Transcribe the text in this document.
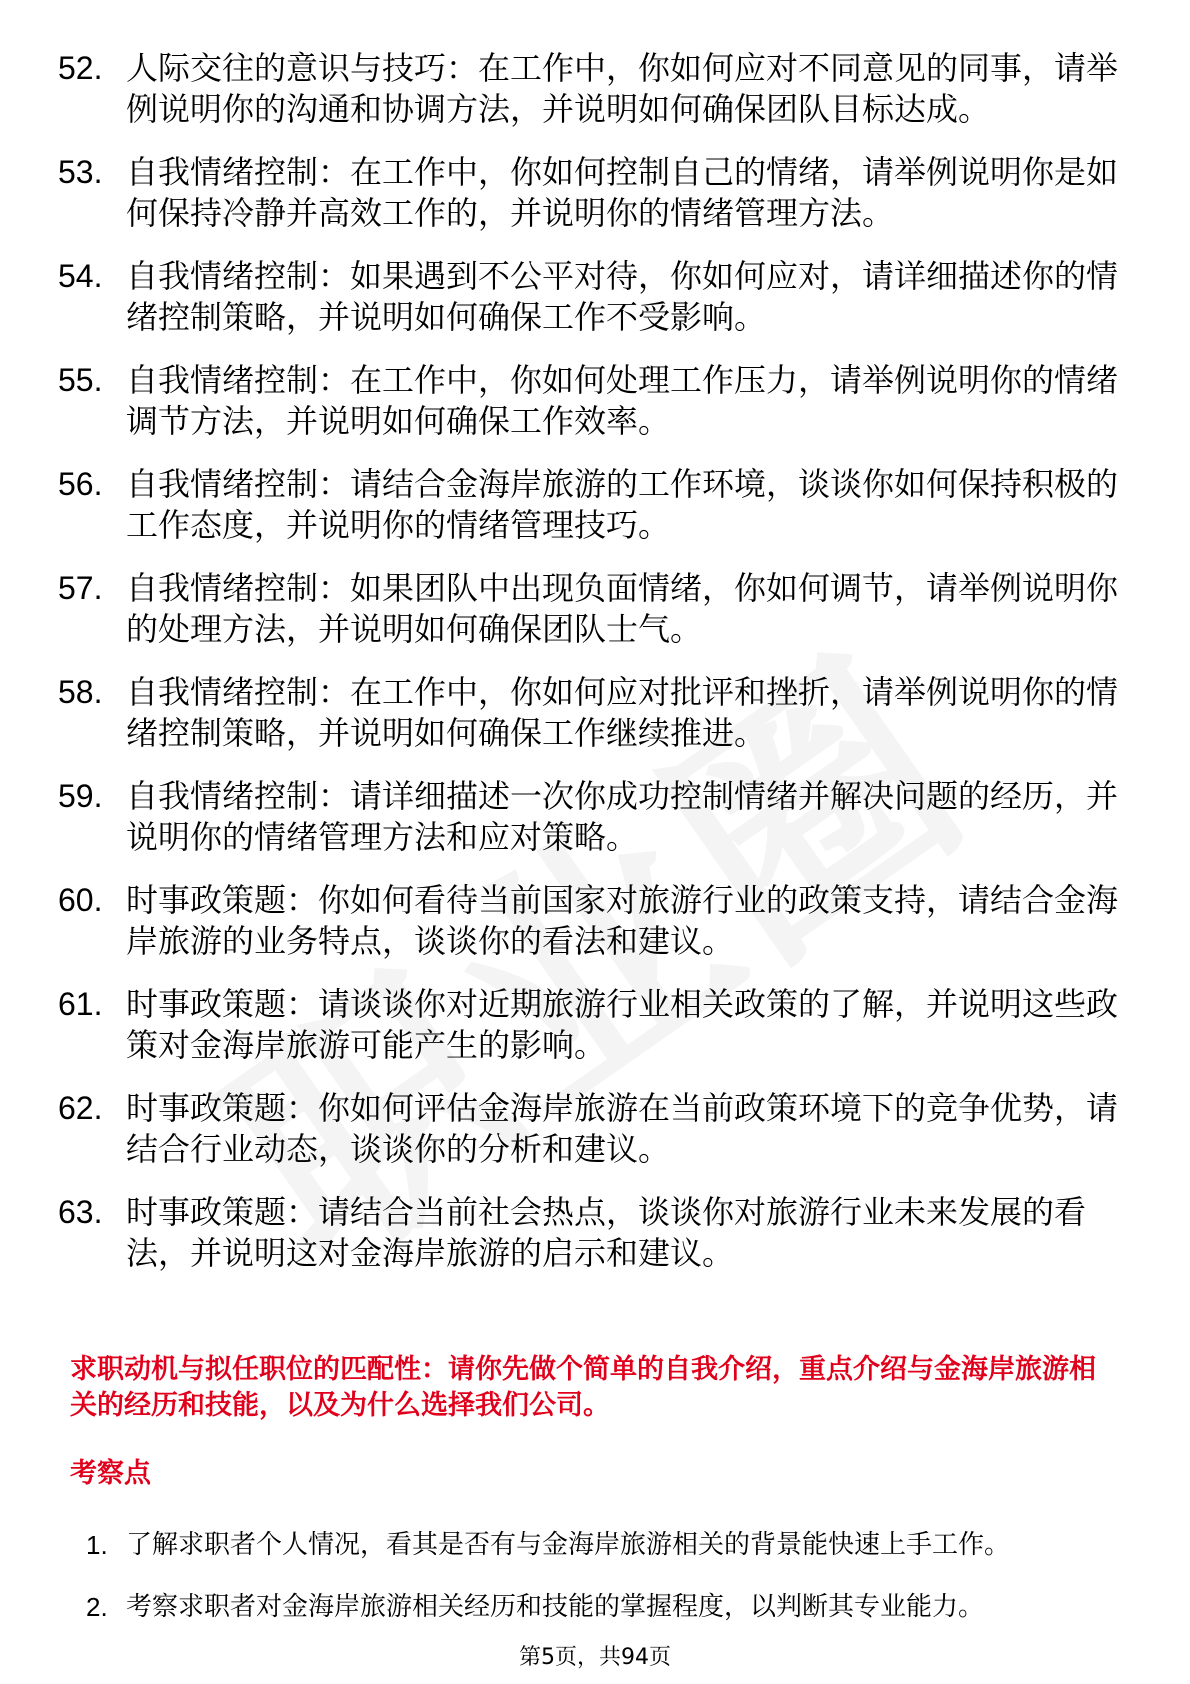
52. 人际交往的意识与技巧：在工作中，你如何应对不同意见的同事，请举例说明你的沟通和协调方法，并说明如何确保团队目标达成。
53. 自我情绪控制：在工作中，你如何控制自己的情绪，请举例说明你是如何保持冷静并高效工作的，并说明你的情绪管理方法。
54. 自我情绪控制：如果遇到不公平对待，你如何应对，请详细描述你的情绪控制策略，并说明如何确保工作不受影响。
55. 自我情绪控制：在工作中，你如何处理工作压力，请举例说明你的情绪调节方法，并说明如何确保工作效率。
56. 自我情绪控制：请结合金海岸旅游的工作环境，谈谈你如何保持积极的工作态度，并说明你的情绪管理技巧。
57. 自我情绪控制：如果团队中出现负面情绪，你如何调节，请举例说明你的处理方法，并说明如何确保团队士气。
58. 自我情绪控制：在工作中，你如何应对批评和挫折，请举例说明你的情绪控制策略，并说明如何确保工作继续推进。
59. 自我情绪控制：请详细描述一次你成功控制情绪并解决问题的经历，并说明你的情绪管理方法和应对策略。
60. 时事政策题：你如何看待当前国家对旅游行业的政策支持，请结合金海岸旅游的业务特点，谈谈你的看法和建议。
61. 时事政策题：请谈谈你对近期旅游行业相关政策的了解，并说明这些政策对金海岸旅游可能产生的影响。
62. 时事政策题：你如何评估金海岸旅游在当前政策环境下的竞争优势，请结合行业动态，谈谈你的分析和建议。
63. 时事政策题：请结合当前社会热点，谈谈你对旅游行业未来发展的看法，并说明这对金海岸旅游的启示和建议。
求职动机与拟任职位的匹配性：请你先做个简单的自我介绍，重点介绍与金海岸旅游相关的经历和技能，以及为什么选择我们公司。
考察点
1. 了解求职者个人情况，看其是否有与金海岸旅游相关的背景能快速上手工作。
2. 考察求职者对金海岸旅游相关经历和技能的掌握程度，以判断其专业能力。
第5页，共94页
